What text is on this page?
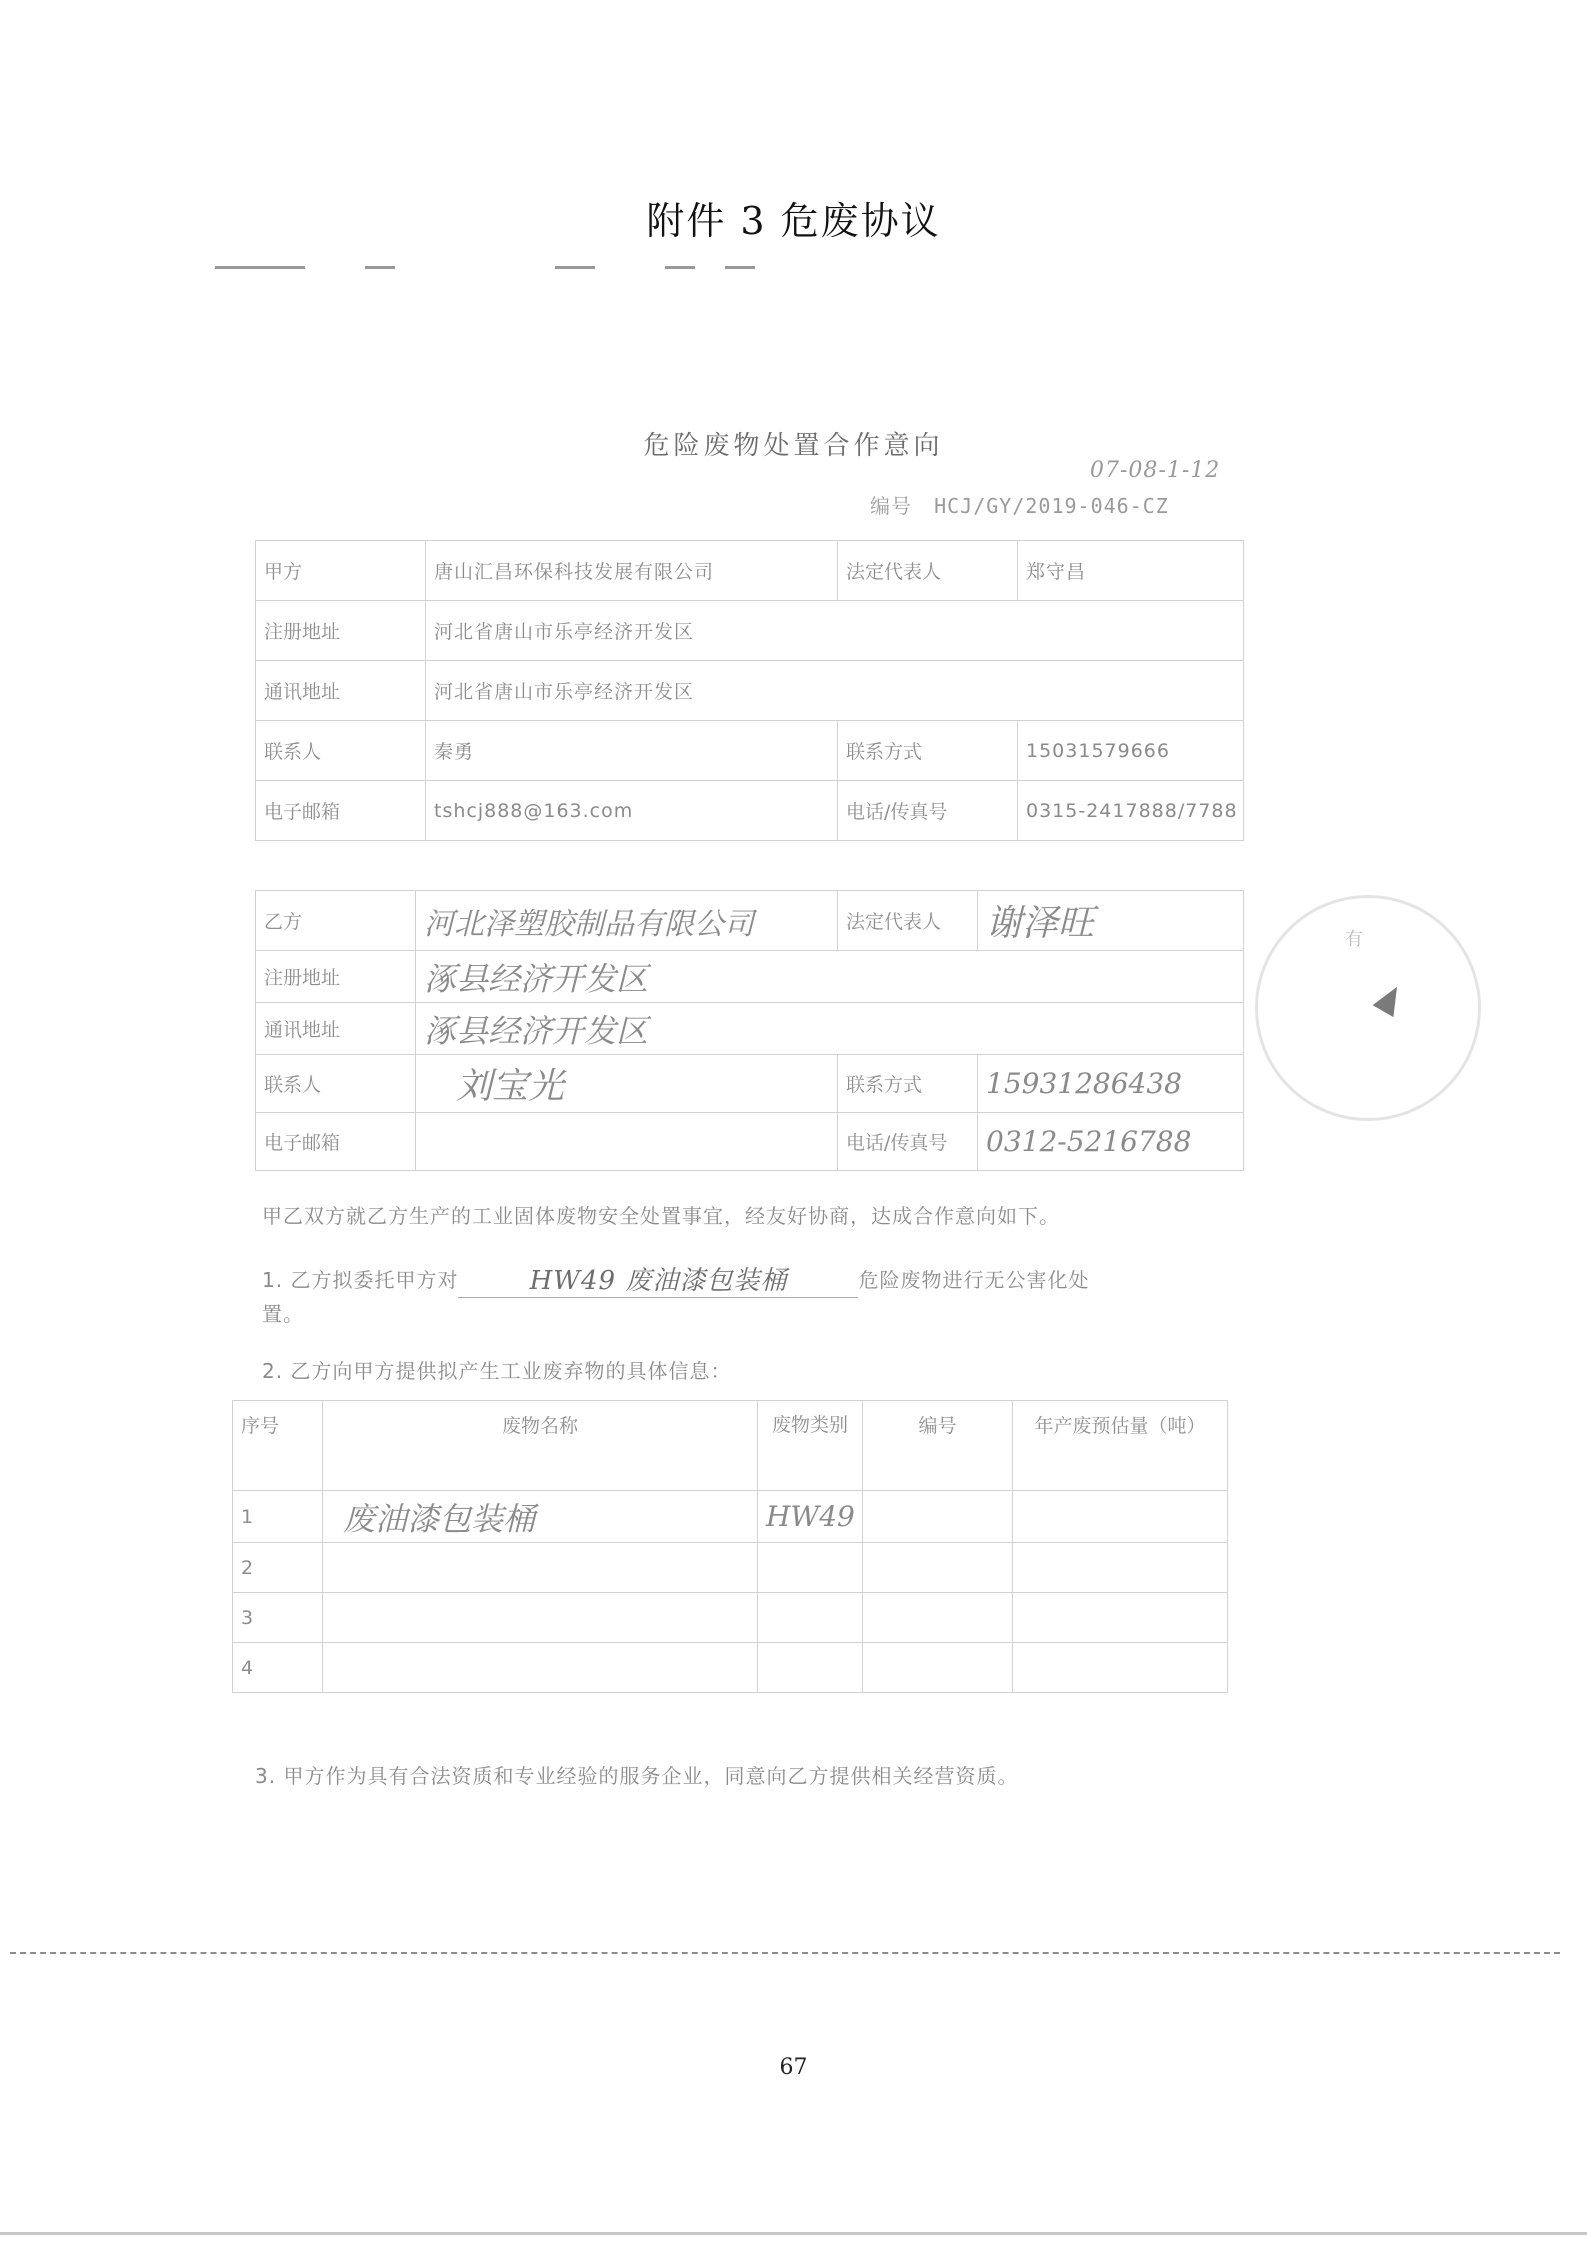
附件 3 危废协议
危险废物处置合作意向
编号 HCJ/GY/2019-046-CZ
07-08-1-12
甲方	唐山汇昌环保科技发展有限公司	法定代表人	郑守昌
注册地址	河北省唐山市乐亭经济开发区		
通讯地址	河北省唐山市乐亭经济开发区		
联系人	秦勇	联系方式	15031579666
电子邮箱	tshcj888@163.com	电话/传真号	0315-2417888/7788
乙方	河北泽塑胶制品有限公司	法定代表人	谢泽旺
注册地址	涿县经济开发区		
通讯地址	涿县经济开发区		
联系人	刘宝光	联系方式	15931286438
电子邮箱		电话/传真号	0312-5216788
有
甲乙双方就乙方生产的工业固体废物安全处置事宜，经友好协商，达成合作意向如下。
1. 乙方拟委托甲方对	HW49 废油漆包装桶	危险废物进行无公害化处
置。
2. 乙方向甲方提供拟产生工业废弃物的具体信息：
序号	废物名称	废物类别	编号	年产废预估量（吨）
1	废油漆包装桶	HW49		
2				
3				
4				
3. 甲方作为具有合法资质和专业经验的服务企业，同意向乙方提供相关经营资质。
67
